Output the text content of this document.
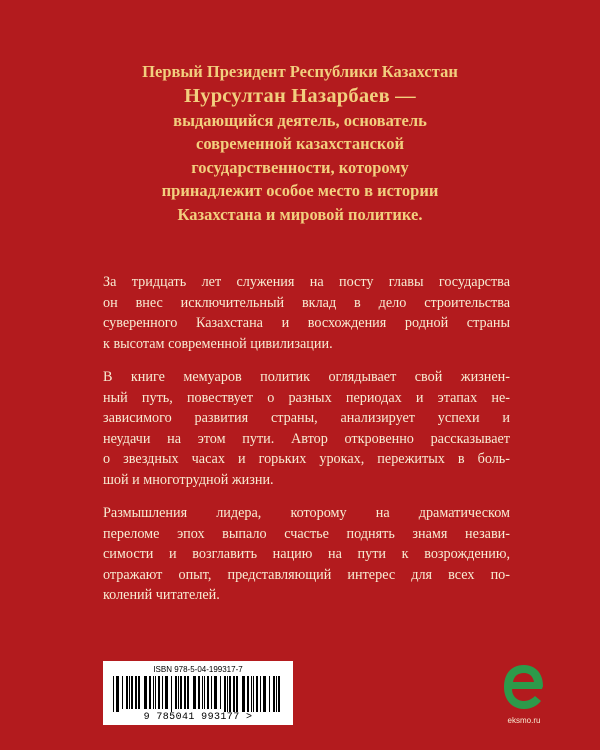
Первый Президент Республики Казахстан
Нурсултан Назарбаев —
выдающийся деятель, основатель
современной казахстанской
государственности, которому
принадлежит особое место в истории
Казахстана и мировой политике.

За тридцать лет служения на посту главы государства
он внес исключительный вклад в дело строительства
суверенного Казахстана и восхождения родной страны
к высотам современной цивилизации.

В книге мемуаров политик оглядывает свой жизнен-
ный путь, повествует о разных периодах и этапах не-
зависимого развития страны, анализирует успехи и
неудачи на этом пути. Автор откровенно рассказывает
о звездных часах и горьких уроках, пережитых в боль-
шой и многотрудной жизни.

Размышления лидера, которому на драматическом
переломе эпох выпало счастье поднять знамя незави-
симости и возглавить нацию на пути к возрождению,
отражают опыт, представляющий интерес для всех по-
колений читателей.

ISBN 978-5-04-199317-7
9 785041 993177 >	eksmo.ru
